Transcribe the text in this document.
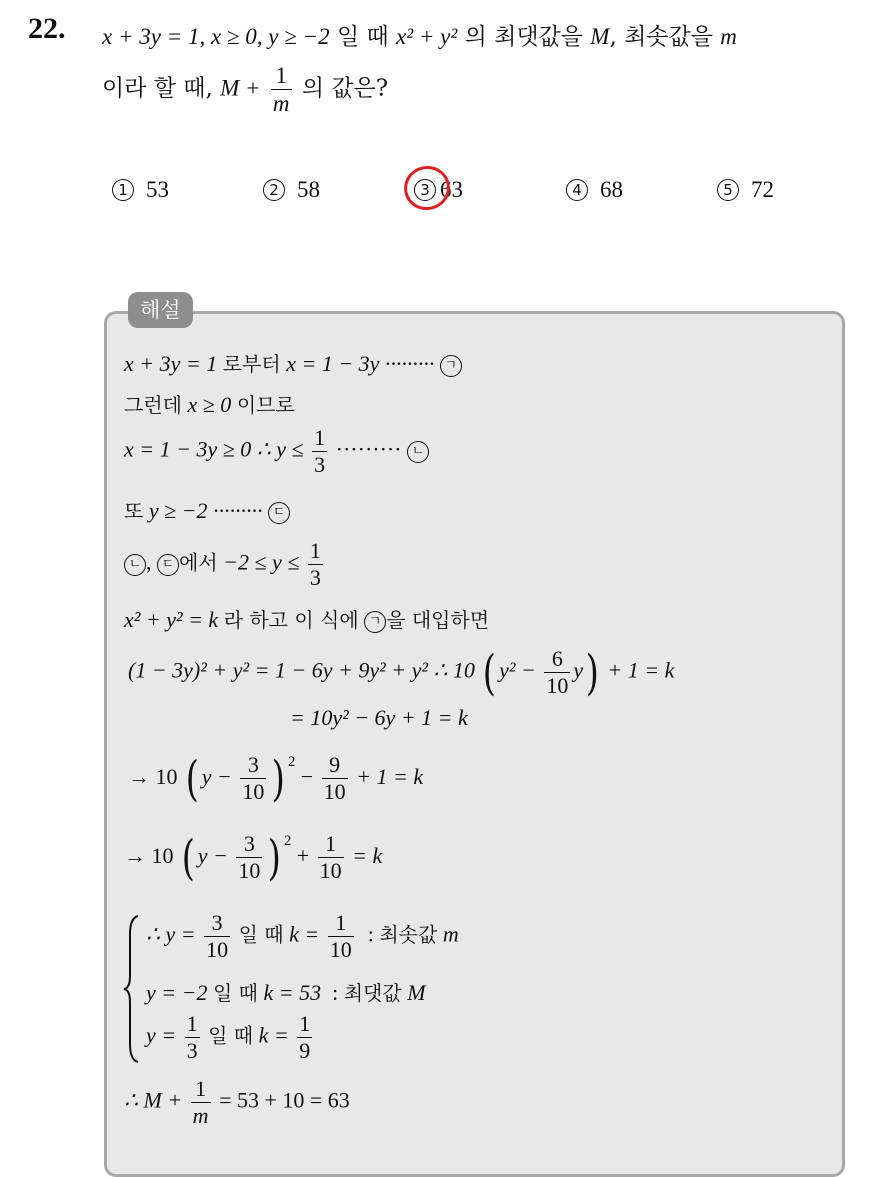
22. x + 3y = 1, x ≥ 0, y ≥ −2 일 때 x² + y² 의 최댓값을 M, 최솟값을 m
이라 할 때, $M + \frac{1}{m}$ 의 값은?
1 53	2 58	3 63	4 68	5 72
해설
x + 3y = 1 로부터 x = 1 − 3y ········· ㄱ
그런데 x ≥ 0 이므로
x = 1 − 3y ≥ 0 ∴ $y \le \frac{1}{3}$ ········· ㄴ
또 y ≥ −2 ········· ㄷ
ㄴ , ㄷ 에서 $-2 \le y \le \frac{1}{3}$
x² + y² = k 라 하고 이 식에 ㄱ 을 대입하면
(1 − 3y)² + y² = 1 − 6y + 9y² + y² ∴ 10 ( $y^2 - \frac{6}{10} y) + 1 = k$
= 10y² − 6y + 1 = k
→ 10 ( $y - \frac{3}{10}$ ) $^2 - \frac{9}{10} + 1 = k$
→ 10 ( $y - \frac{3}{10}$ ) $^2 + \frac{1}{10} = k$
∴ $y = \frac{3}{10}$ 일 때 $k = \frac{1}{10}$ : 최솟값 m
y = −2 일 때 k = 53 : 최댓값 M
$y = \frac{1}{3}$ 일 때 $k = \frac{1}{9}$
∴ $M + \frac{1}{m} = 53 + 10 = 63$
